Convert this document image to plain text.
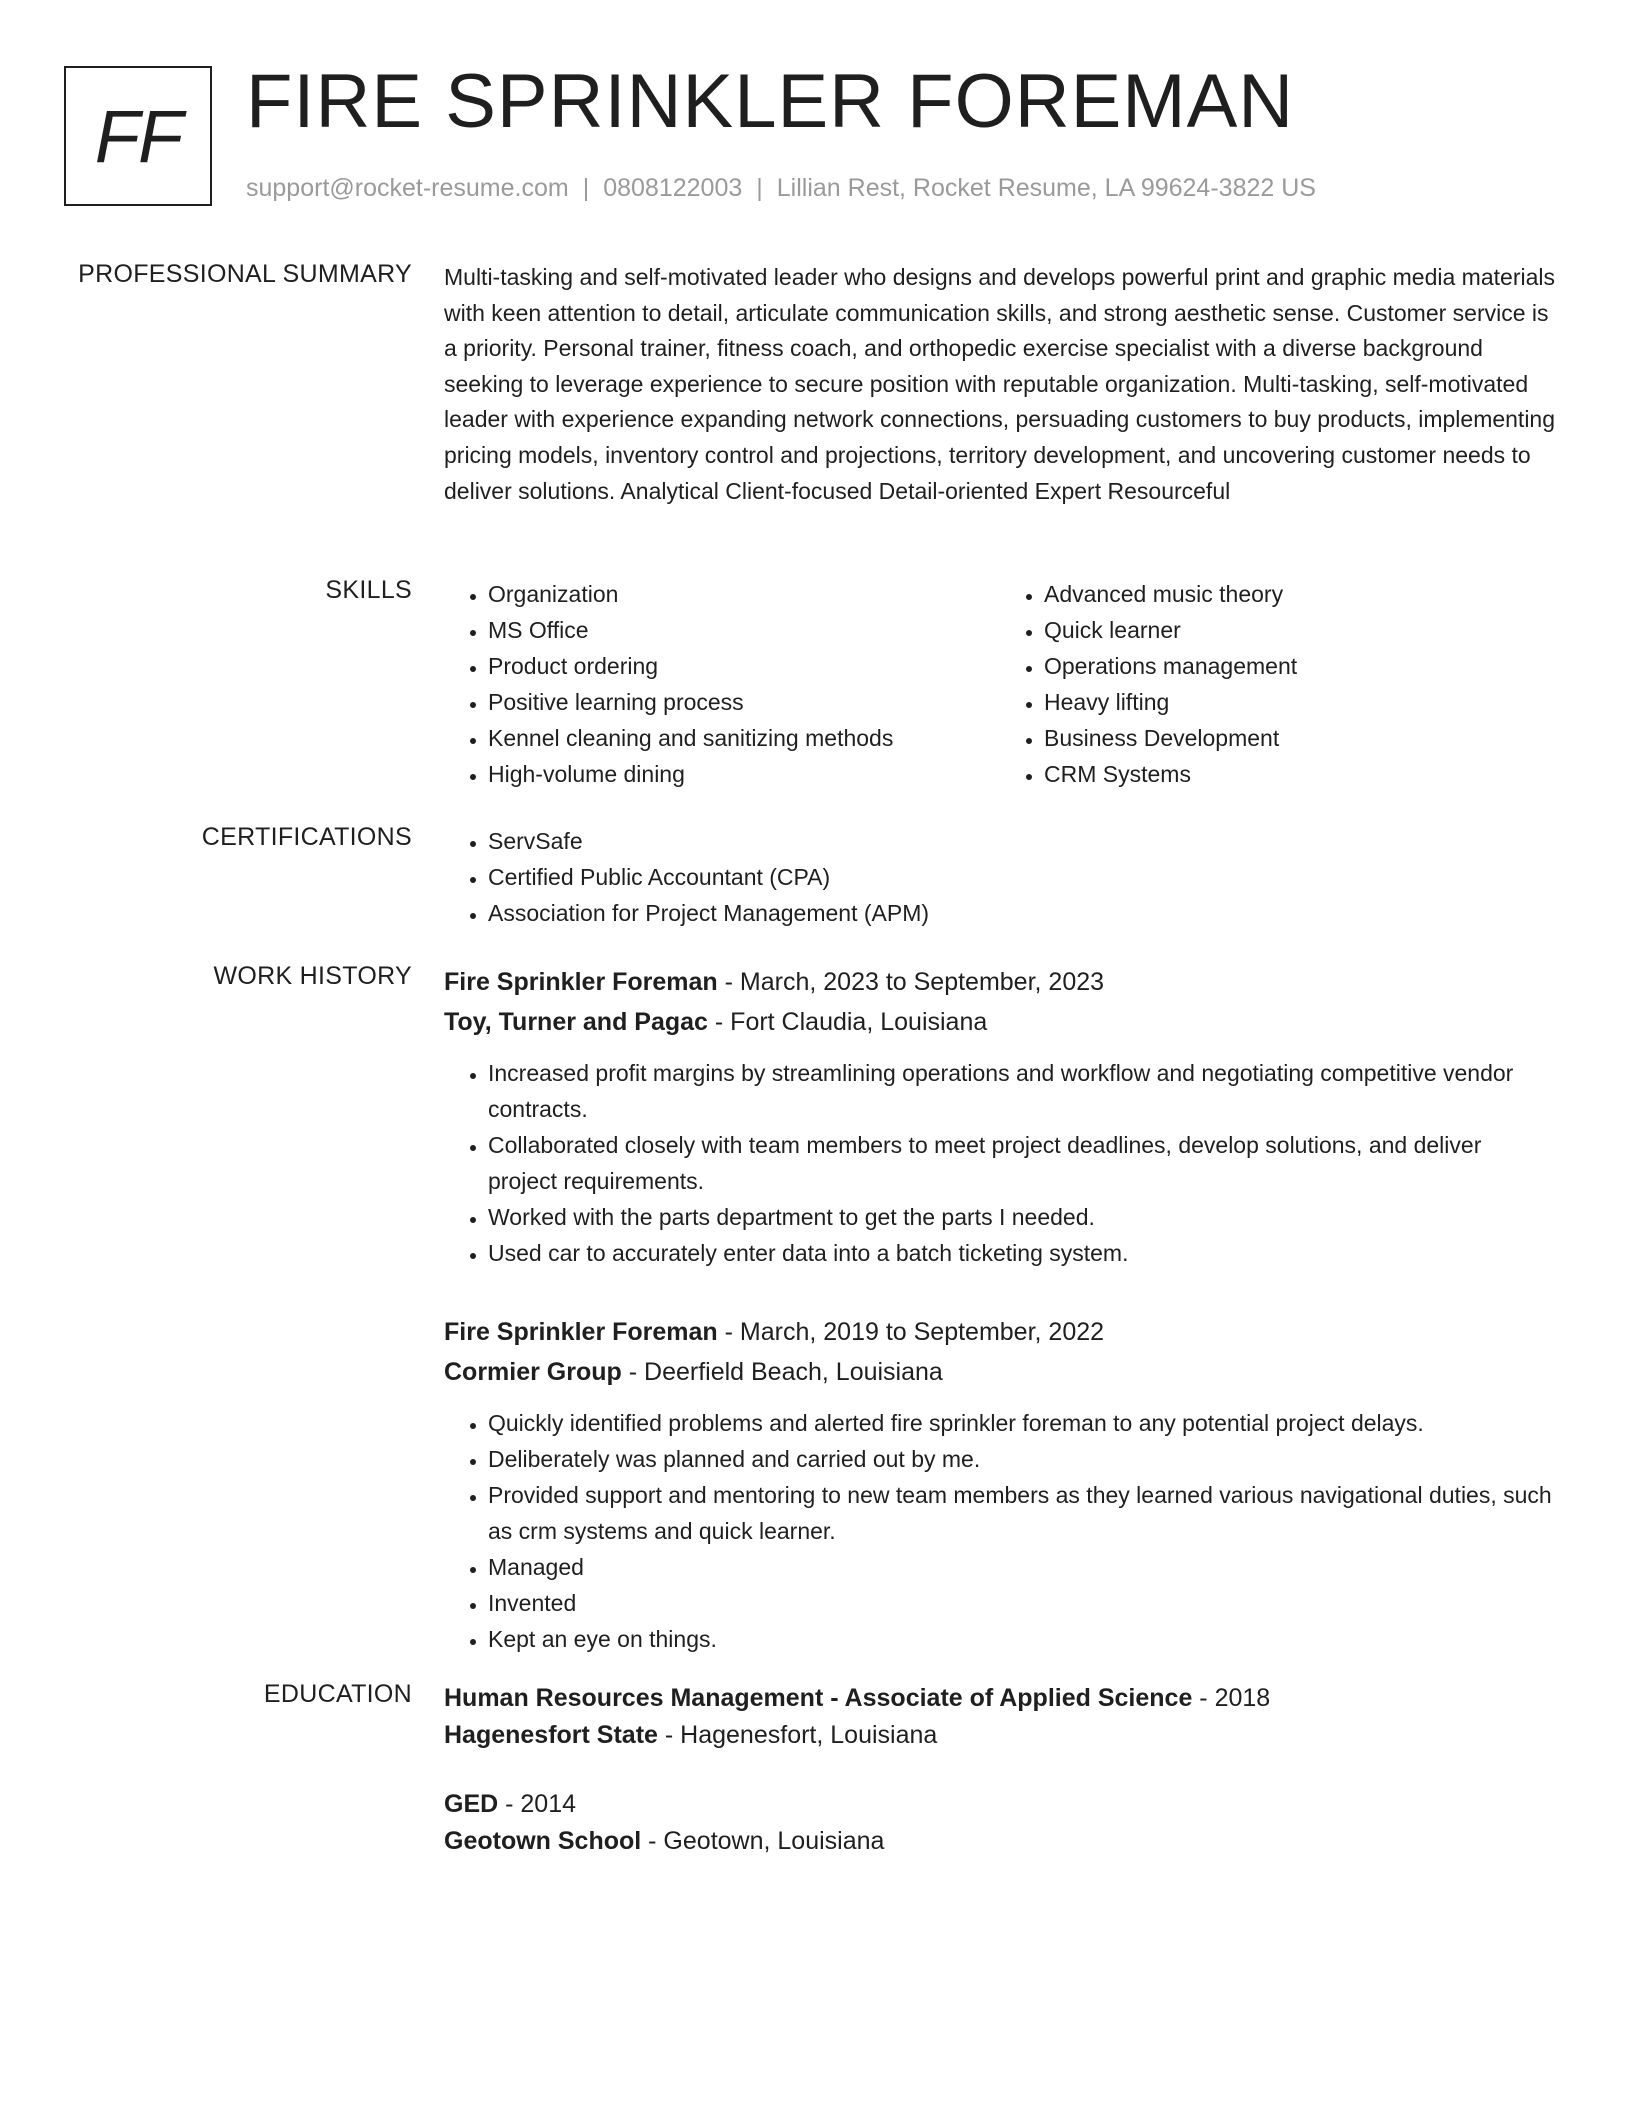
FF FIRE SPRINKLER FOREMAN
support@rocket-resume.com | 0808122003 | Lillian Rest, Rocket Resume, LA 99624-3822 US
PROFESSIONAL SUMMARY Multi-tasking and self-motivated leader who designs and develops powerful print and graphic media materials with keen attention to detail, articulate communication skills, and strong aesthetic sense. Customer service is a priority. Personal trainer, fitness coach, and orthopedic exercise specialist with a diverse background seeking to leverage experience to secure position with reputable organization. Multi-tasking, self-motivated leader with experience expanding network connections, persuading customers to buy products, implementing pricing models, inventory control and projections, territory development, and uncovering customer needs to deliver solutions. Analytical Client-focused Detail-oriented Expert Resourceful

SKILLS	• Organization
• MS Office
• Product ordering
• Positive learning process
• Kennel cleaning and sanitizing methods
• High-volume dining
• Advanced music theory
• Quick learner
• Operations management
• Heavy lifting
• Business Development
• CRM Systems
CERTIFICATIONS	• ServSafe
• Certified Public Accountant (CPA)
• Association for Project Management (APM)
WORK HISTORY Fire Sprinkler Foreman - March, 2023 to September, 2023
Toy, Turner and Pagac - Fort Claudia, Louisiana
• Increased profit margins by streamlining operations and workflow and negotiating competitive vendor contracts.
• Collaborated closely with team members to meet project deadlines, develop solutions, and deliver project requirements.
• Worked with the parts department to get the parts I needed.
• Used car to accurately enter data into a batch ticketing system.
Fire Sprinkler Foreman - March, 2019 to September, 2022
Cormier Group - Deerfield Beach, Louisiana
• Quickly identified problems and alerted fire sprinkler foreman to any potential project delays.
• Deliberately was planned and carried out by me.
• Provided support and mentoring to new team members as they learned various navigational duties, such as crm systems and quick learner.
• Managed
• Invented
• Kept an eye on things.
EDUCATION Human Resources Management - Associate of Applied Science - 2018
Hagenesfort State - Hagenesfort, Louisiana
GED - 2014
Geotown School - Geotown, Louisiana
